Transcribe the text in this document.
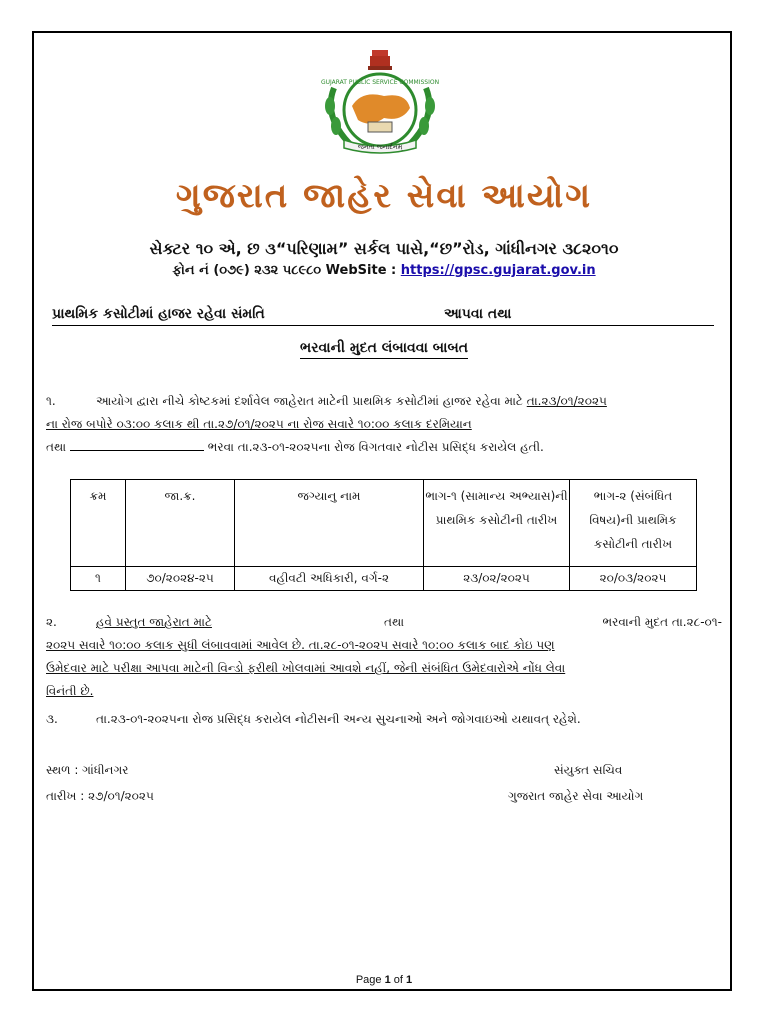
GUJARAT PUBLIC SERVICE COMMISSION
જનતા જનાર્દનમ્
ગુજરાત જાહેર સેવા આયોગ
સેક્ટર ૧૦ એ, છ ૩“પરિણામ” સર્કલ પાસે,“છ”રોડ, ગાંધીનગર ૩૮૨૦૧૦
ફોન નં (૦૭૯) ૨૩૨ ૫૮૯૮૦ WebSite : https://gpsc.gujarat.gov.in
પ્રાથમિક કસોટીમાં હાજર રહેવા સંમતિ	આપવા તથા
ભરવાની મુદત લંબાવવા બાબત
૧.	આયોગ દ્વારા નીચે કોષ્ટકમાં દર્શાવેલ જાહેરાત માટેની પ્રાથમિક કસોટીમાં હાજર રહેવા માટે તા.૨૩/૦૧/૨૦૨૫
ના રોજ બપોરે ૦૩:૦૦ કલાક થી તા.૨૭/૦૧/૨૦૨૫ ના રોજ સવારે ૧૦:૦૦ કલાક દરમિયાન
તથા	ભરવા તા.૨૩-૦૧-૨૦૨૫ના રોજ વિગતવાર નોટીસ પ્રસિદ્ધ કરાયેલ હતી.
ક્રમ	જા.ક્ર.	જગ્યાનુ નામ	ભાગ-૧ (સામાન્ય અભ્યાસ)ની પ્રાથમિક કસોટીની તારીખ	ભાગ-૨ (સંબંધિત વિષય)ની પ્રાથમિક કસોટીની તારીખ
૧	૭૦/૨૦૨૪-૨૫	વહીવટી અધિકારી, વર્ગ-૨	૨૩/૦૨/૨૦૨૫	૨૦/૦૩/૨૦૨૫
૨.	હવે પ્રસ્તુત જાહેરાત માટે	તથા	ભરવાની મુદત તા.૨૮-૦૧-
૨૦૨૫ સવારે ૧૦:૦૦ કલાક સુધી લંબાવવામાં આવેલ છે. તા.૨૮-૦૧-૨૦૨૫ સવારે ૧૦:૦૦ કલાક બાદ કોઇ પણ
ઉમેદવાર માટે પરીક્ષા આપવા માટેની વિન્ડો ફરીથી ખોલવામાં આવશે નહીં, જેની સંબંધિત ઉમેદવારોએ નોંધ લેવા
વિનંતી છે.
૩.	તા.૨૩-૦૧-૨૦૨૫ના રોજ પ્રસિદ્ધ કરાયેલ નોટીસની અન્ય સુચનાઓ અને જોગવાઇઓ યથાવત્ રહેશે.
સ્થળ : ગાંધીનગર
તારીખ : ૨૭/૦૧/૨૦૨૫
સંયુક્ત સચિવ
ગુજરાત જાહેર સેવા આયોગ
Page 1 of 1
